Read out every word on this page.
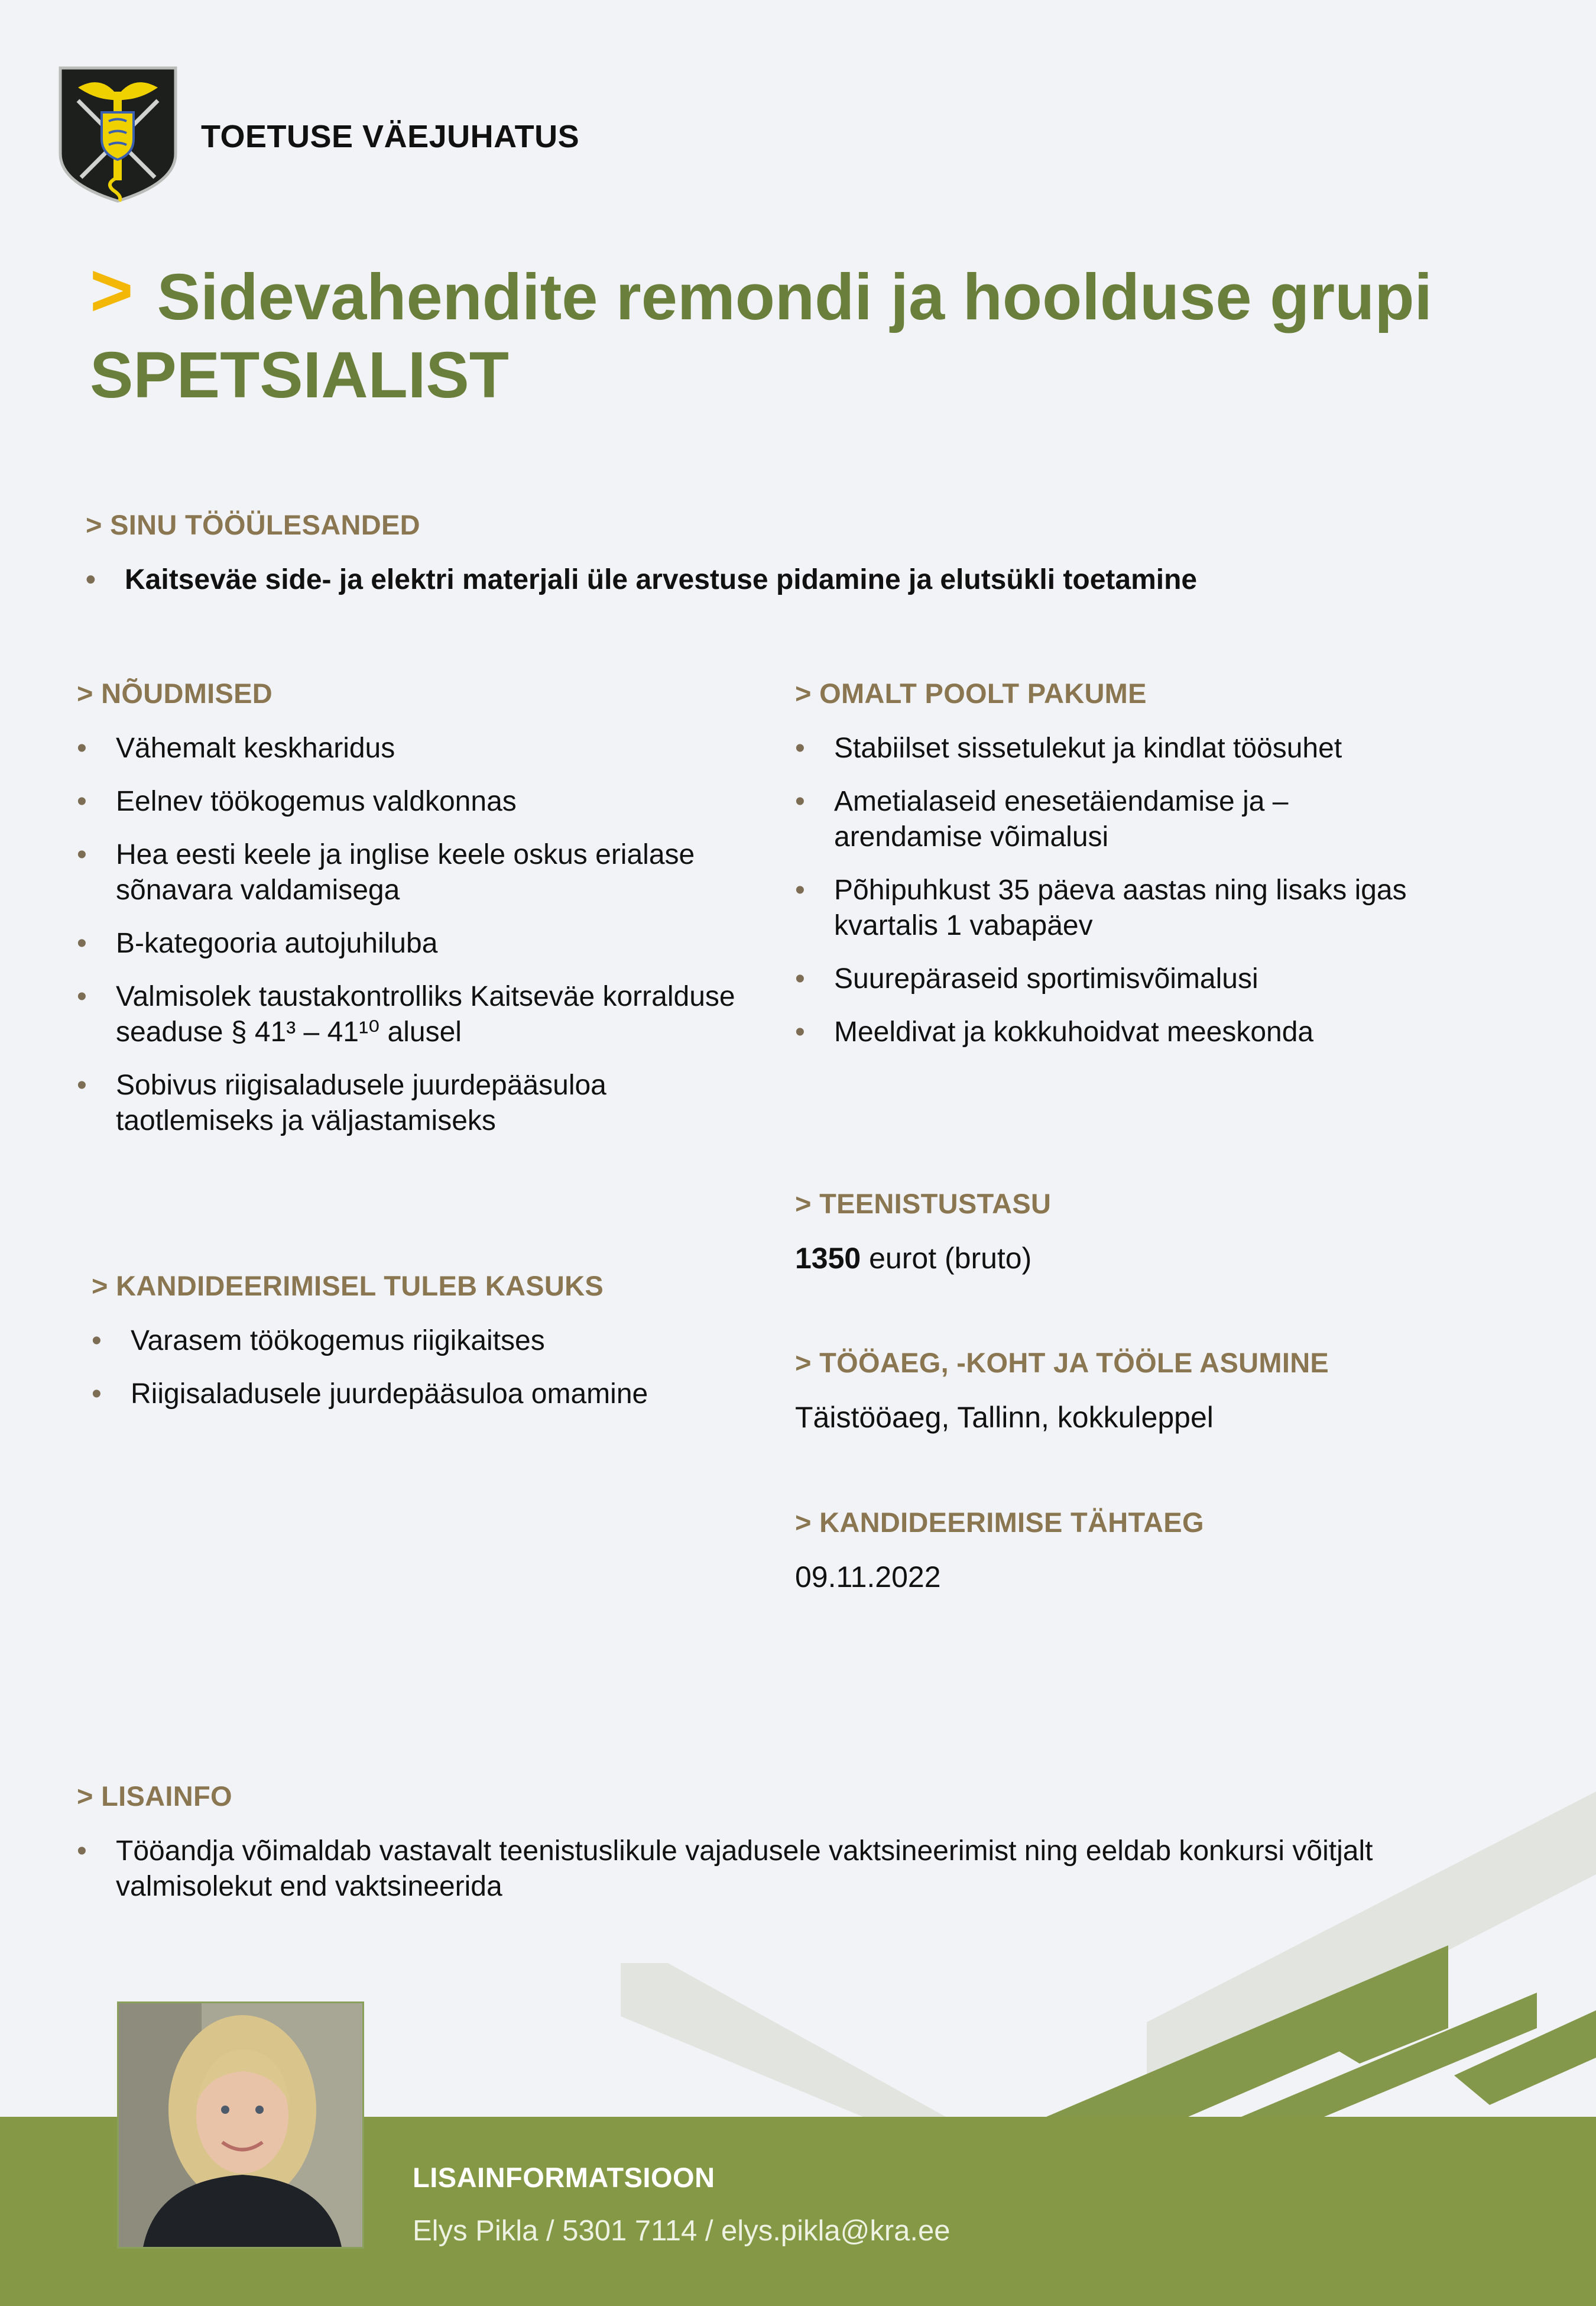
TOETUSE VÄEJUHATUS
> Sidevahendite remondi ja hoolduse grupi SPETSIALIST
> SINU TÖÖÜLESANDED
• Kaitseväe side- ja elektri materjali üle arvestuse pidamine ja elutsükli toetamine
> NÕUDMISED
• Vähemalt keskharidus
• Eelnev töökogemus valdkonnas
• Hea eesti keele ja inglise keele oskus erialase sõnavara valdamisega
• B-kategooria autojuhiluba
• Valmisolek taustakontrolliks Kaitseväe korralduse seaduse § 41³ – 41¹⁰ alusel
• Sobivus riigisaladusele juurdepääsuloa taotlemiseks ja väljastamiseks
> OMALT POOLT PAKUME
• Stabiilset sissetulekut ja kindlat töösuhet
• Ametialaseid enesetäiendamise ja – arendamise võimalusi
• Põhipuhkust 35 päeva aastas ning lisaks igas kvartalis 1 vabapäev
• Suurepäraseid sportimisvõimalusi
• Meeldivat ja kokkuhoidvat meeskonda
> KANDIDEERIMISEL TULEB KASUKS
• Varasem töökogemus riigikaitses
• Riigisaladusele juurdepääsuloa omamine
> TEENISTUSTASU
1350 eurot (bruto)
> TÖÖAEG, -KOHT JA TÖÖLE ASUMINE
Täistööaeg, Tallinn, kokkuleppel
> KANDIDEERIMISE TÄHTAEG
09.11.2022
> LISAINFO
• Tööandja võimaldab vastavalt teenistuslikule vajadusele vaktsineerimist ning eeldab konkursi võitjalt valmisolekut end vaktsineerida
LISAINFORMATSIOON
Elys Pikla / 5301 7114 / elys.pikla@kra.ee
